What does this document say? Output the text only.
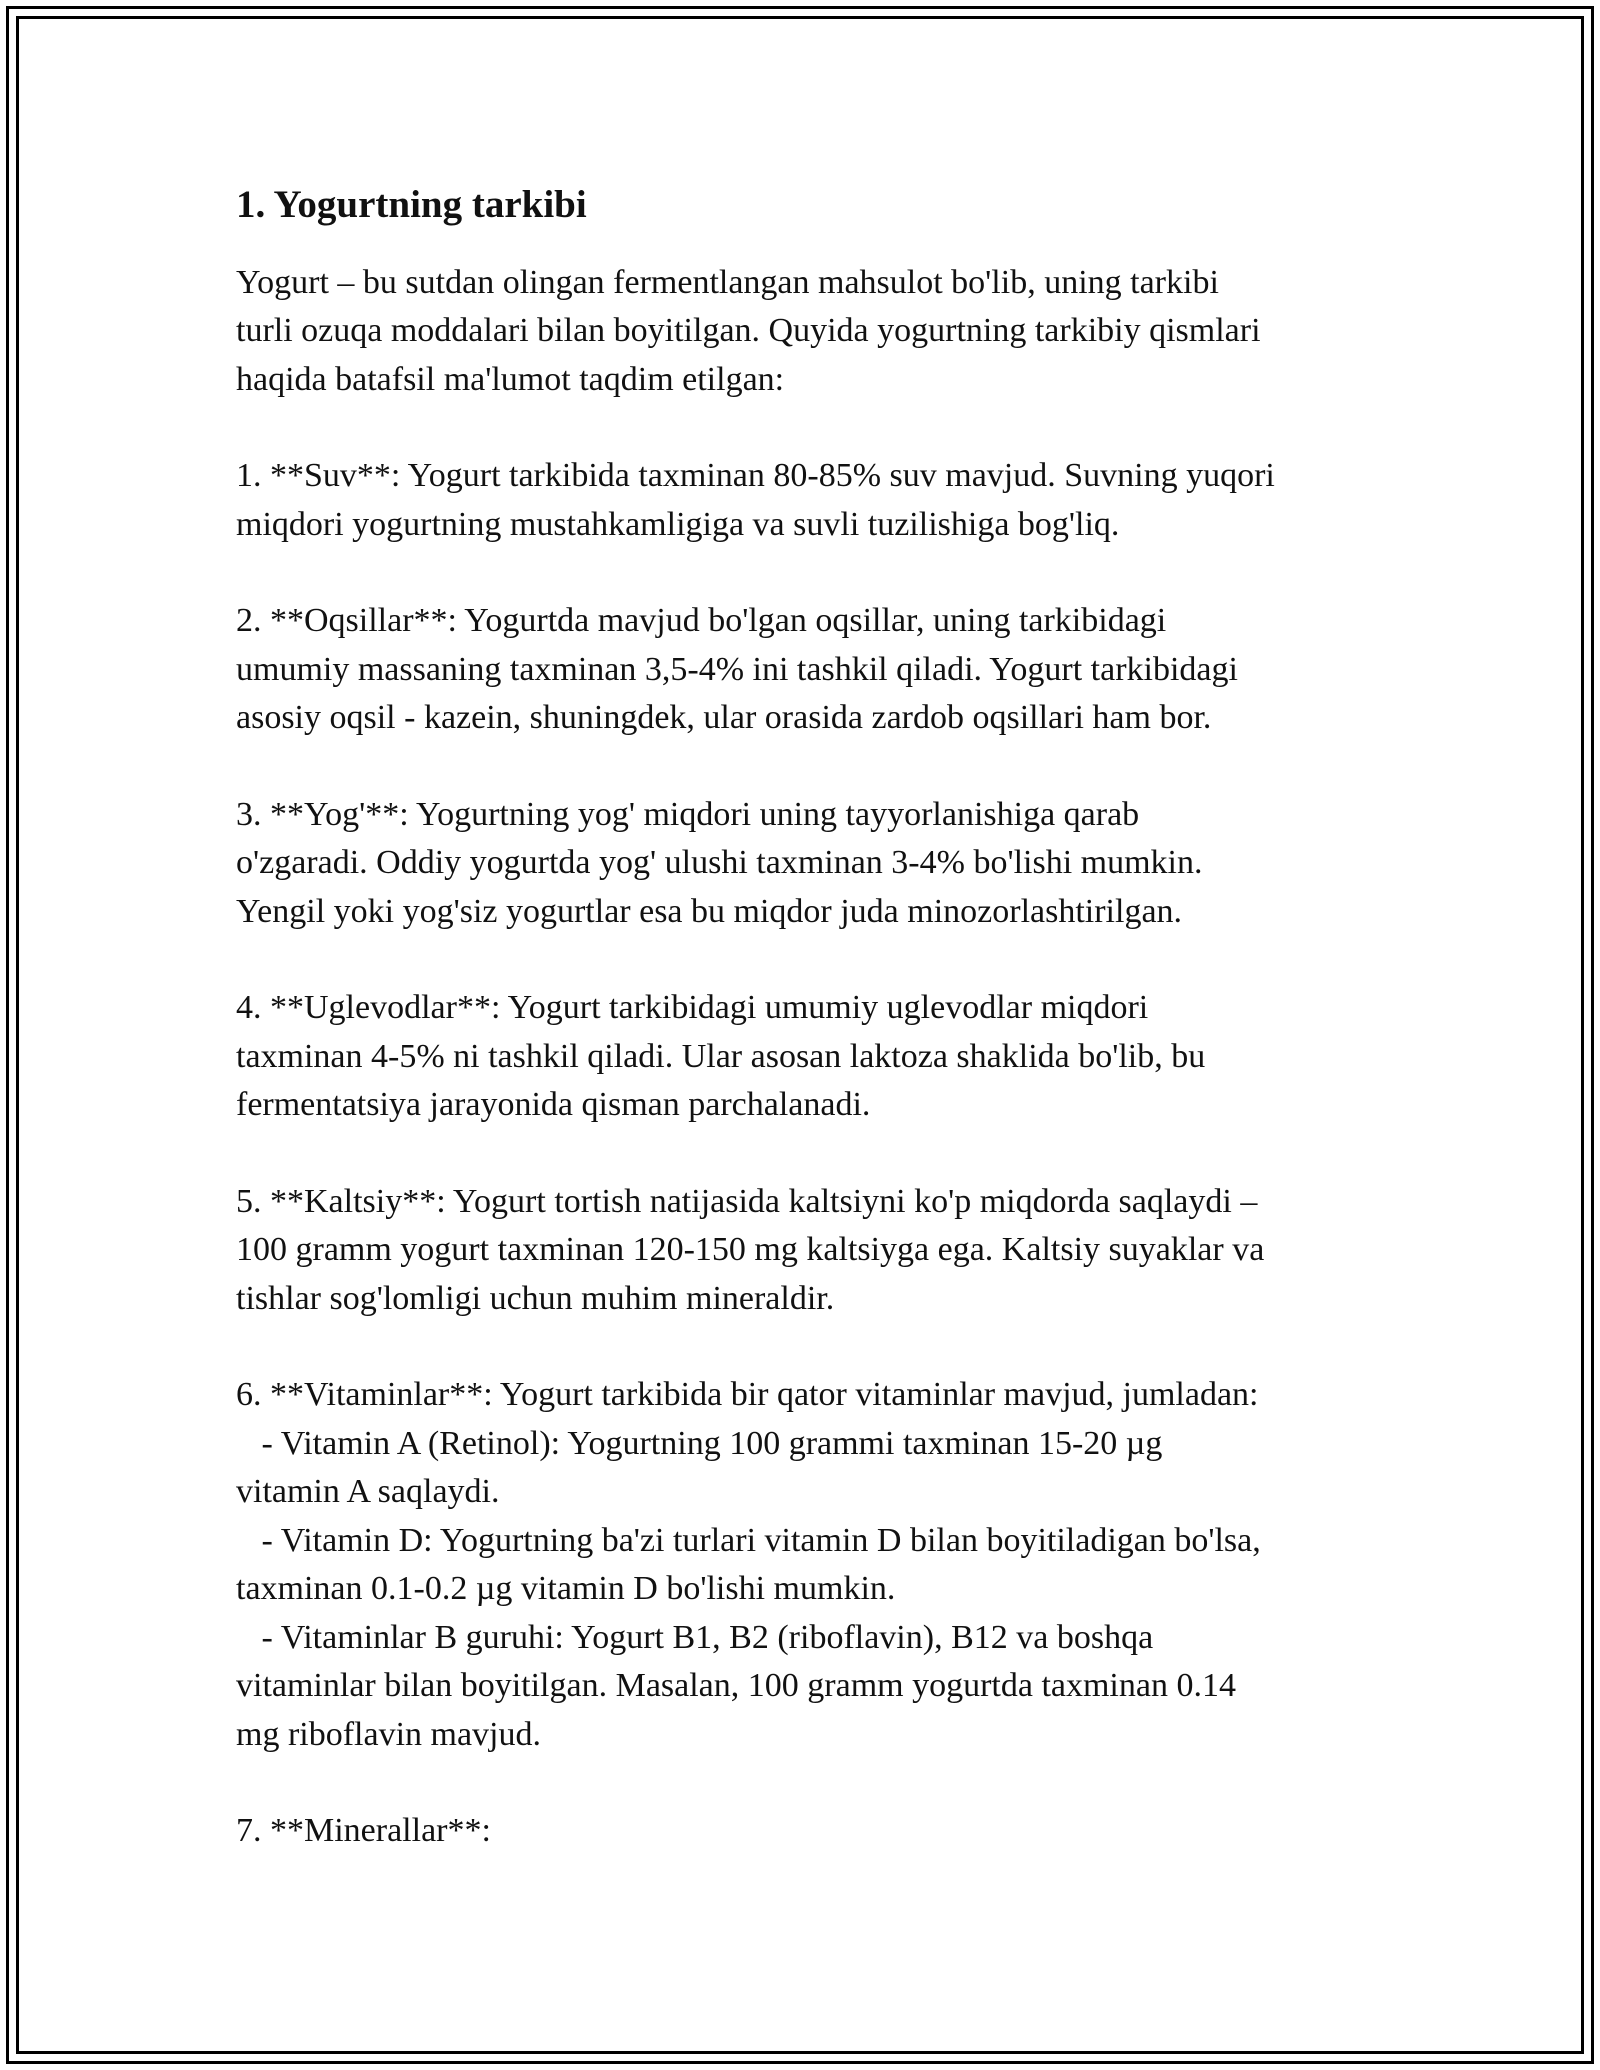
1. Yogurtning tarkibi
Yogurt – bu sutdan olingan fermentlangan mahsulot bo'lib, uning tarkibi
turli ozuqa moddalari bilan boyitilgan. Quyida yogurtning tarkibiy qismlari
haqida batafsil ma'lumot taqdim etilgan:
1. **Suv**: Yogurt tarkibida taxminan 80-85% suv mavjud. Suvning yuqori
miqdori yogurtning mustahkamligiga va suvli tuzilishiga bog'liq.
2. **Oqsillar**: Yogurtda mavjud bo'lgan oqsillar, uning tarkibidagi
umumiy massaning taxminan 3,5-4% ini tashkil qiladi. Yogurt tarkibidagi
asosiy oqsil - kazein, shuningdek, ular orasida zardob oqsillari ham bor.
3. **Yog'**: Yogurtning yog' miqdori uning tayyorlanishiga qarab
o'zgaradi. Oddiy yogurtda yog' ulushi taxminan 3-4% bo'lishi mumkin.
Yengil yoki yog'siz yogurtlar esa bu miqdor juda minozorlashtirilgan.
4. **Uglevodlar**: Yogurt tarkibidagi umumiy uglevodlar miqdori
taxminan 4-5% ni tashkil qiladi. Ular asosan laktoza shaklida bo'lib, bu
fermentatsiya jarayonida qisman parchalanadi.
5. **Kaltsiy**: Yogurt tortish natijasida kaltsiyni ko'p miqdorda saqlaydi –
100 gramm yogurt taxminan 120-150 mg kaltsiyga ega. Kaltsiy suyaklar va
tishlar sog'lomligi uchun muhim mineraldir.
6. **Vitaminlar**: Yogurt tarkibida bir qator vitaminlar mavjud, jumladan:
- Vitamin A (Retinol): Yogurtning 100 grammi taxminan 15-20 µg
vitamin A saqlaydi.
- Vitamin D: Yogurtning ba'zi turlari vitamin D bilan boyitiladigan bo'lsa,
taxminan 0.1-0.2 µg vitamin D bo'lishi mumkin.
- Vitaminlar B guruhi: Yogurt B1, B2 (riboflavin), B12 va boshqa
vitaminlar bilan boyitilgan. Masalan, 100 gramm yogurtda taxminan 0.14
mg riboflavin mavjud.
7. **Minerallar**:
